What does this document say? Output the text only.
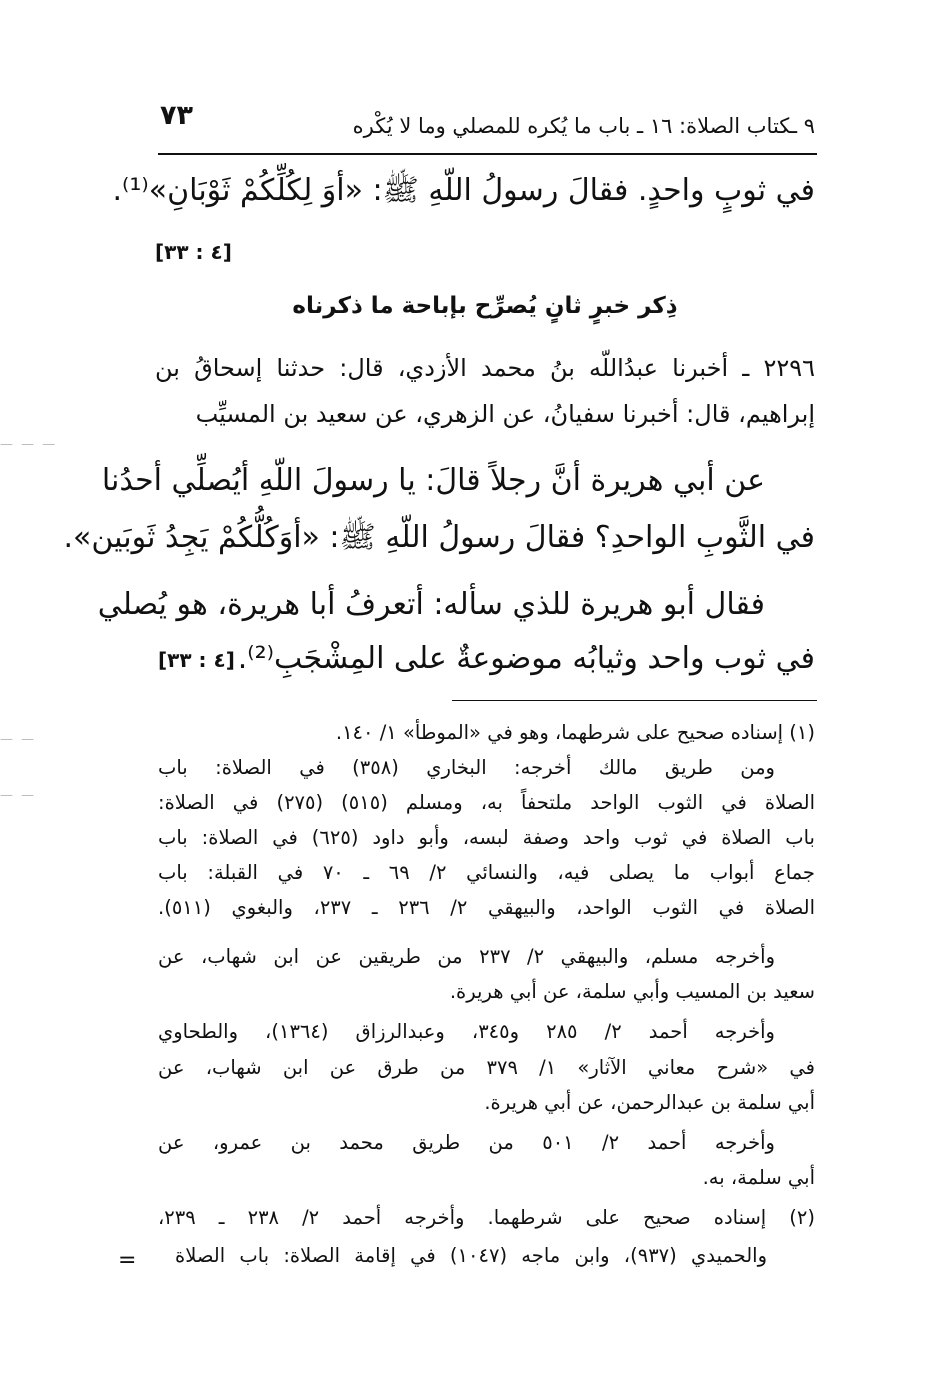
٩ ـكتاب الصلاة: ١٦ ـ باب ما يُكره للمصلي وما لا يُكْره
٧٣
في ثوبٍ واحدٍ. فقالَ رسولُ اللّهِ ﷺ: «أوَ لِكُلِّكُمْ ثَوْبَانِ»⁽¹⁾.
[٤ : ٣٣]
ذِكر خبرٍ ثانٍ يُصرِّح بإباحة ما ذكرناه
٢٢٩٦ ـ أخبرنا عبدُاللّه بنُ محمد الأزدي، قال: حدثنا إسحاقُ بن
إبراهيم، قال: أخبرنا سفيانُ، عن الزهري، عن سعيد بن المسيِّب
عن أبي هريرة أنَّ رجلاً قالَ: يا رسولَ اللّهِ أيُصلِّي أحدُنا
في الثَّوبِ الواحدِ؟ فقالَ رسولُ اللّهِ ﷺ: «أوَكُلُّكُمْ يَجِدُ ثَوبَين».
فقال أبو هريرة للذي سأله: أتعرفُ أبا هريرة، هو يُصلي
في ثوب واحد وثيابُه موضوعةٌ على المِشْجَبِ⁽²⁾.
[٤ : ٣٣]
(١) إسناده صحيح على شرطهما، وهو في «الموطأ» ١/ ١٤٠.
ومن طريق مالك أخرجه: البخاري (٣٥٨) في الصلاة: باب
الصلاة في الثوب الواحد ملتحفاً به، ومسلم (٥١٥) (٢٧٥) في الصلاة:
باب الصلاة في ثوب واحد وصفة لبسه، وأبو داود (٦٢٥) في الصلاة: باب
جماع أبواب ما يصلى فيه، والنسائي ٢/ ٦٩ ـ ٧٠ في القبلة: باب
الصلاة في الثوب الواحد، والبيهقي ٢/ ٢٣٦ ـ ٢٣٧، والبغوي (٥١١).
وأخرجه مسلم، والبيهقي ٢/ ٢٣٧ من طريقين عن ابن شهاب، عن
سعيد بن المسيب وأبي سلمة، عن أبي هريرة.
وأخرجه أحمد ٢/ ٢٨٥ و٣٤٥، وعبدالرزاق (١٣٦٤)، والطحاوي
في «شرح معاني الآثار» ١/ ٣٧٩ من طرق عن ابن شهاب، عن
أبي سلمة بن عبدالرحمن، عن أبي هريرة.
وأخرجه أحمد ٢/ ٥٠١ من طريق محمد بن عمرو، عن
أبي سلمة، به.
(٢) إسناده صحيح على شرطهما. وأخرجه أحمد ٢/ ٢٣٨ ـ ٢٣٩،
والحميدي (٩٣٧)، وابن ماجه (١٠٤٧) في إقامة الصلاة: باب الصلاة
=
— — —
— —
— —
